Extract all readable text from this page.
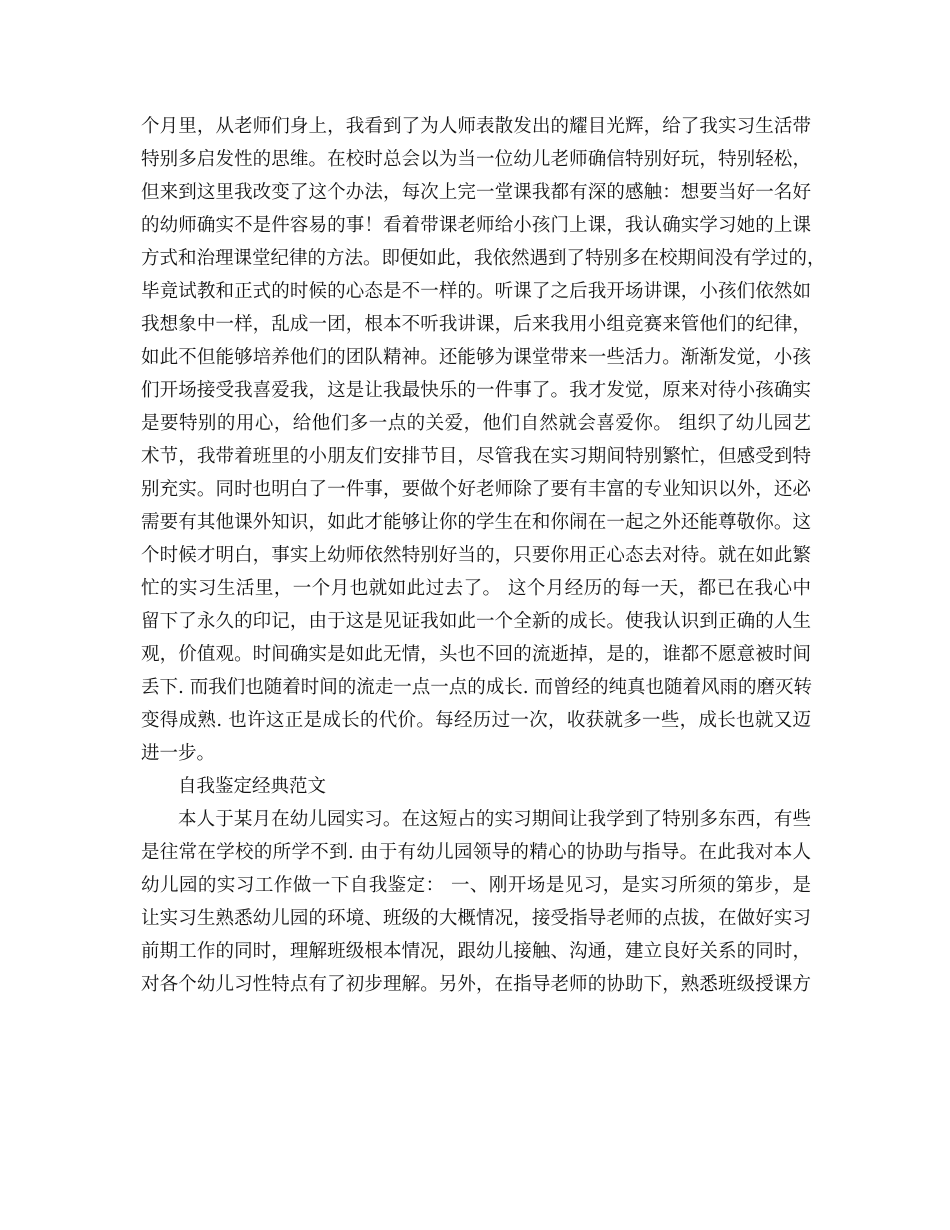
个月里，从老师们身上，我看到了为人师表散发出的耀目光辉，给了我实习生活带
特别多启发性的思维。在校时总会以为当一位幼儿老师确信特别好玩，特别轻松，
但来到这里我改变了这个办法，每次上完一堂课我都有深的感触：想要当好一名好
的幼师确实不是件容易的事！看着带课老师给小孩门上课，我认确实学习她的上课
方式和治理课堂纪律的方法。即便如此，我依然遇到了特别多在校期间没有学过的，
毕竟试教和正式的时候的心态是不一样的。听课了之后我开场讲课，小孩们依然如
我想象中一样，乱成一团，根本不听我讲课，后来我用小组竞赛来管他们的纪律，
如此不但能够培养他们的团队精神。还能够为课堂带来一些活力。渐渐发觉，小孩
们开场接受我喜爱我，这是让我最快乐的一件事了。我才发觉，原来对待小孩确实
是要特别的用心，给他们多一点的关爱，他们自然就会喜爱你。 组织了幼儿园艺
术节，我带着班里的小朋友们安排节目，尽管我在实习期间特别繁忙，但感受到特
别充实。同时也明白了一件事，要做个好老师除了要有丰富的专业知识以外，还必
需要有其他课外知识，如此才能够让你的学生在和你闹在一起之外还能尊敬你。这
个时候才明白，事实上幼师依然特别好当的，只要你用正心态去对待。就在如此繁
忙的实习生活里，一个月也就如此过去了。 这个月经历的每一天，都已在我心中
留下了永久的印记，由于这是见证我如此一个全新的成长。使我认识到正确的人生
观，价值观。时间确实是如此无情，头也不回的流逝掉，是的，谁都不愿意被时间
丢下. 而我们也随着时间的流走一点一点的成长. 而曾经的纯真也随着风雨的磨灭转
变得成熟. 也许这正是成长的代价。每经历过一次，收获就多一些，成长也就又迈
进一步。
自我鉴定经典范文
本人于某月在幼儿园实习。在这短占的实习期间让我学到了特别多东西，有些
是往常在学校的所学不到. 由于有幼儿园领导的精心的协助与指导。在此我对本人
幼儿园的实习工作做一下自我鉴定： 一、刚开场是见习，是实习所须的第步，是
让实习生熟悉幼儿园的环境、班级的大概情况，接受指导老师的点拔，在做好实习
前期工作的同时，理解班级根本情况，跟幼儿接触、沟通，建立良好关系的同时，
对各个幼儿习性特点有了初步理解。另外，在指导老师的协助下，熟悉班级授课方
